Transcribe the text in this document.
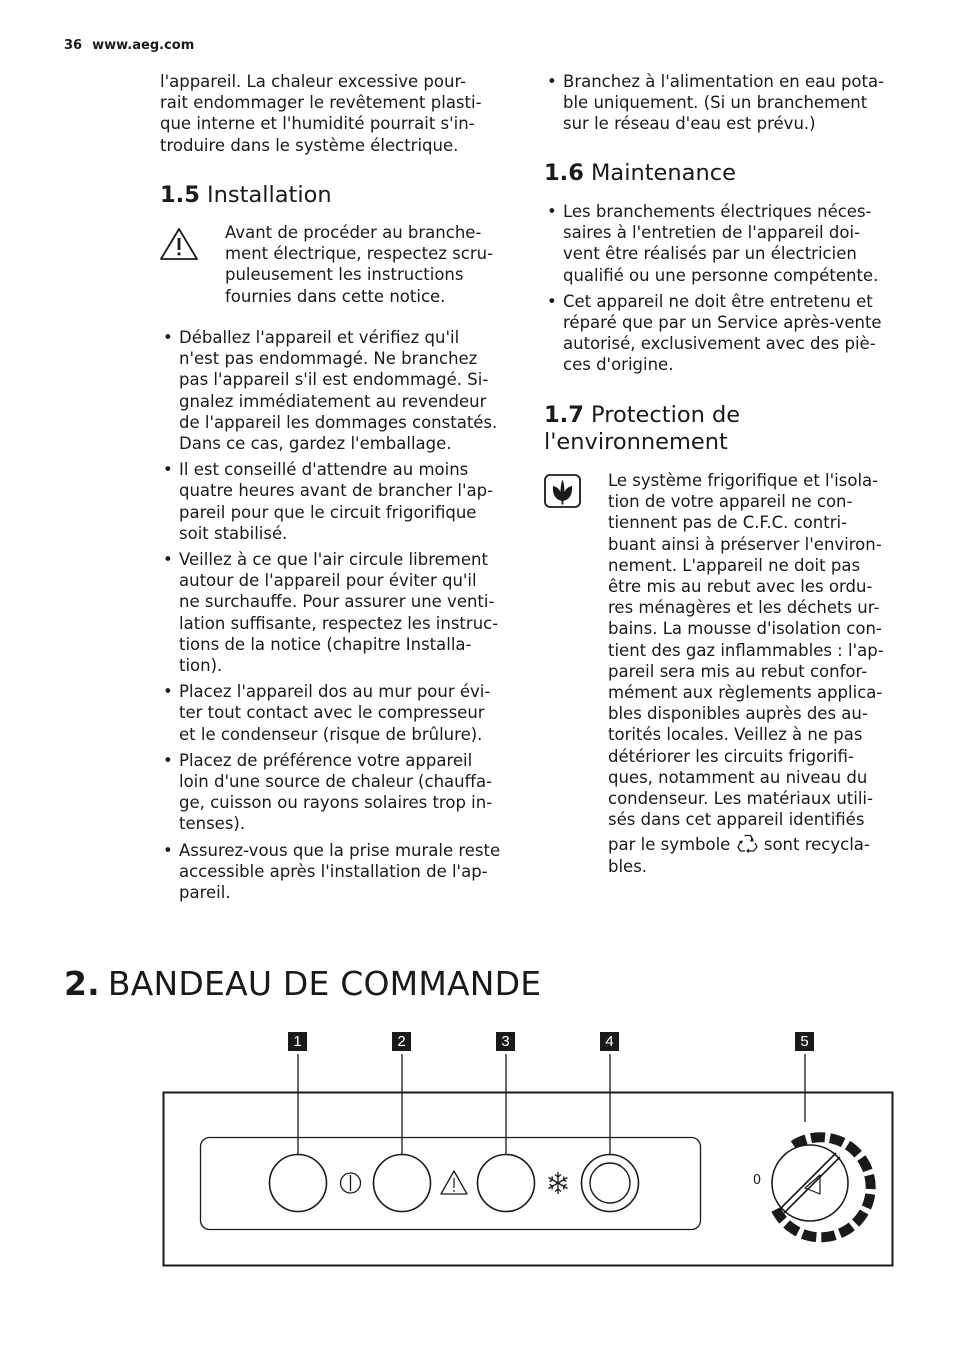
36 www.aeg.com
l'appareil. La chaleur excessive pour-
rait endommager le revêtement plasti-
que interne et l'humidité pourrait s'in-
troduire dans le système électrique.
1.5 Installation
Avant de procéder au branche-
ment électrique, respectez scru-
puleusement les instructions
fournies dans cette notice.
• Déballez l'appareil et vérifiez qu'il
n'est pas endommagé. Ne branchez
pas l'appareil s'il est endommagé. Si-
gnalez immédiatement au revendeur
de l'appareil les dommages constatés.
Dans ce cas, gardez l'emballage.
• Il est conseillé d'attendre au moins
quatre heures avant de brancher l'ap-
pareil pour que le circuit frigorifique
soit stabilisé.
• Veillez à ce que l'air circule librement
autour de l'appareil pour éviter qu'il
ne surchauffe. Pour assurer une venti-
lation suffisante, respectez les instruc-
tions de la notice (chapitre Installa-
tion).
• Placez l'appareil dos au mur pour évi-
ter tout contact avec le compresseur
et le condenseur (risque de brûlure).
• Placez de préférence votre appareil
loin d'une source de chaleur (chauffa-
ge, cuisson ou rayons solaires trop in-
tenses).
• Assurez-vous que la prise murale reste
accessible après l'installation de l'ap-
pareil.
• Branchez à l'alimentation en eau pota-
ble uniquement. (Si un branchement
sur le réseau d'eau est prévu.)
1.6 Maintenance
• Les branchements électriques néces-
saires à l'entretien de l'appareil doi-
vent être réalisés par un électricien
qualifié ou une personne compétente.
• Cet appareil ne doit être entretenu et
réparé que par un Service après-vente
autorisé, exclusivement avec des piè-
ces d'origine.
1.7 Protection de
l'environnement
Le système frigorifique et l'isola-
tion de votre appareil ne con-
tiennent pas de C.F.C. contri-
buant ainsi à préserver l'environ-
nement. L'appareil ne doit pas
être mis au rebut avec les ordu-
res ménagères et les déchets ur-
bains. La mousse d'isolation con-
tient des gaz inflammables : l'ap-
pareil sera mis au rebut confor-
mément aux règlements applica-
bles disponibles auprès des au-
torités locales. Veillez à ne pas
détériorer les circuits frigorifi-
ques, notamment au niveau du
condenseur. Les matériaux utili-
sés dans cet appareil identifiés
par le symbole sont recycla-
bles.
2. BANDEAU DE COMMANDE
1	2	3	4	5
0
